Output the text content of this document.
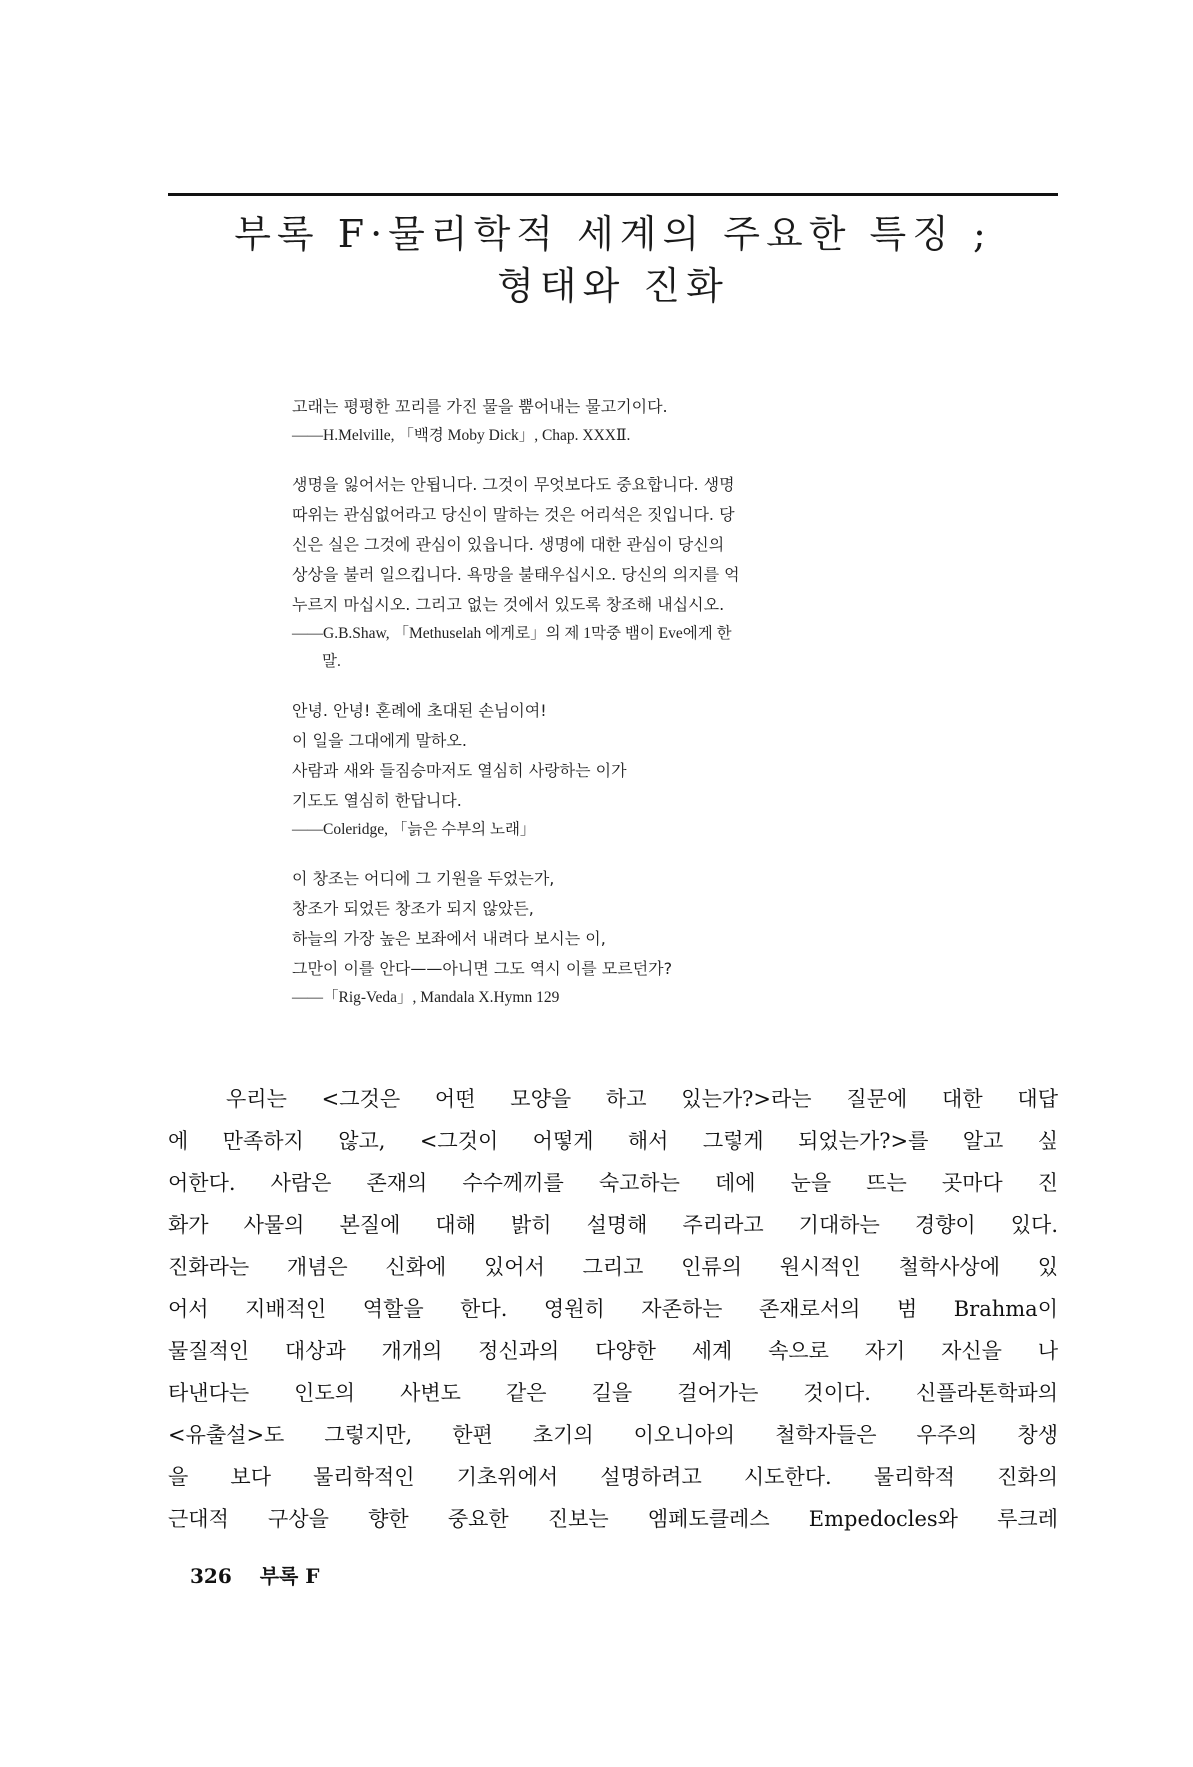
부록 F·물리학적 세계의 주요한 특징 ;
형태와 진화
고래는 평평한 꼬리를 가진 물을 뿜어내는 물고기이다.
——H.Melville, 「백경 Moby Dick」, Chap. XXXⅡ.
생명을 잃어서는 안됩니다. 그것이 무엇보다도 중요합니다. 생명
따위는 관심없어라고 당신이 말하는 것은 어리석은 짓입니다. 당
신은 실은 그것에 관심이 있읍니다. 생명에 대한 관심이 당신의
상상을 불러 일으킵니다. 욕망을 불태우십시오. 당신의 의지를 억
누르지 마십시오. 그리고 없는 것에서 있도록 창조해 내십시오.
——G.B.Shaw, 「Methuselah 에게로」의 제 1막중 뱀이 Eve에게 한
말.
안녕. 안녕! 혼례에 초대된 손님이여!
이 일을 그대에게 말하오.
사람과 새와 들짐승마저도 열심히 사랑하는 이가
기도도 열심히 한답니다.
——Coleridge, 「늙은 수부의 노래」
이 창조는 어디에 그 기원을 두었는가,
창조가 되었든 창조가 되지 않았든,
하늘의 가장 높은 보좌에서 내려다 보시는 이,
그만이 이를 안다——아니면 그도 역시 이를 모르던가?
——「Rig-Veda」, Mandala X.Hymn 129
우리는 <그것은 어떤 모양을 하고 있는가?>라는 질문에 대한 대답
에 만족하지 않고, <그것이 어떻게 해서 그렇게 되었는가?>를 알고 싶
어한다. 사람은 존재의 수수께끼를 숙고하는 데에 눈을 뜨는 곳마다 진
화가 사물의 본질에 대해 밝히 설명해 주리라고 기대하는 경향이 있다.
진화라는 개념은 신화에 있어서 그리고 인류의 원시적인 철학사상에 있
어서 지배적인 역할을 한다. 영원히 자존하는 존재로서의 범 Brahma이
물질적인 대상과 개개의 정신과의 다양한 세계 속으로 자기 자신을 나
타낸다는 인도의 사변도 같은 길을 걸어가는 것이다. 신플라톤학파의
<유출설>도 그렇지만, 한편 초기의 이오니아의 철학자들은 우주의 창생
을 보다 물리학적인 기초위에서 설명하려고 시도한다. 물리학적 진화의
근대적 구상을 향한 중요한 진보는 엠페도클레스 Empedocles와 루크레
326 부록 F
